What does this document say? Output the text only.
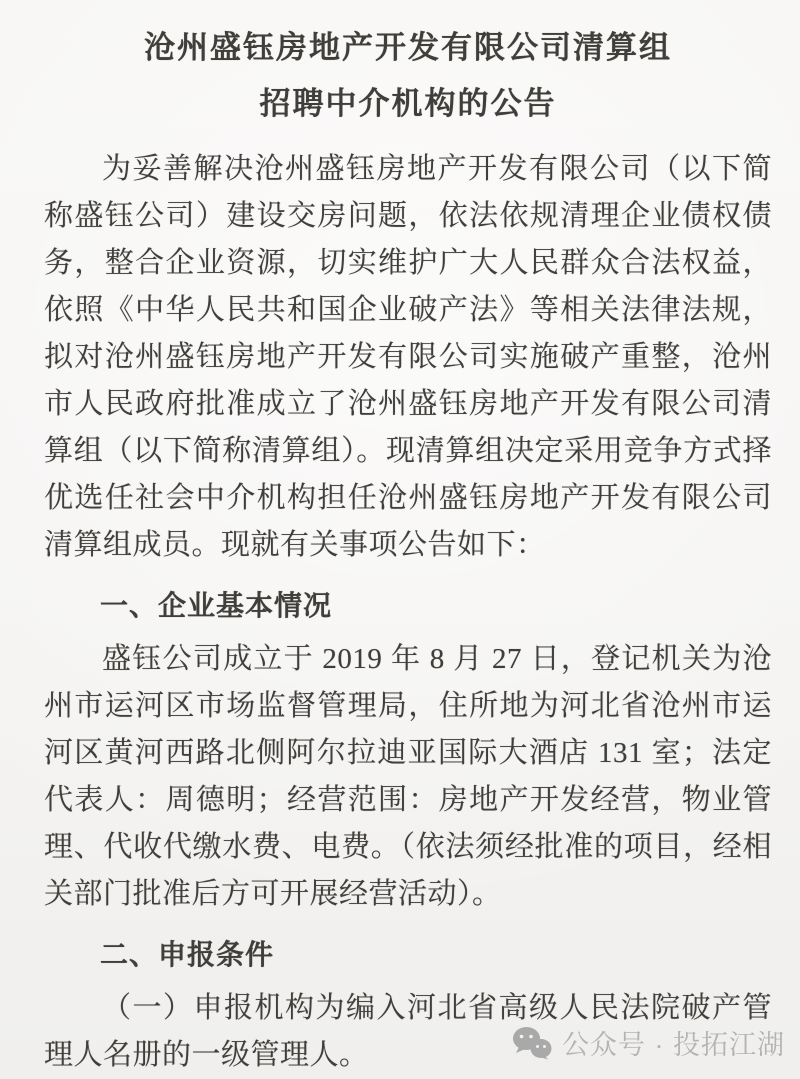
沧州盛钰房地产开发有限公司清算组
招聘中介机构的公告

为妥善解决沧州盛钰房地产开发有限公司（以下简称盛钰公司）建设交房问题，依法依规清理企业债权债务，整合企业资源，切实维护广大人民群众合法权益，依照《中华人民共和国企业破产法》等相关法律法规，拟对沧州盛钰房地产开发有限公司实施破产重整，沧州市人民政府批准成立了沧州盛钰房地产开发有限公司清算组（以下简称清算组）。现清算组决定采用竞争方式择优选任社会中介机构担任沧州盛钰房地产开发有限公司清算组成员。现就有关事项公告如下：

一、企业基本情况

盛钰公司成立于 2019 年 8 月 27 日，登记机关为沧州市运河区市场监督管理局，住所地为河北省沧州市运河区黄河西路北侧阿尔拉迪亚国际大酒店 131 室；法定代表人：周德明；经营范围：房地产开发经营，物业管理、代收代缴水费、电费。（依法须经批准的项目，经相关部门批准后方可开展经营活动）。

二、申报条件

（一）申报机构为编入河北省高级人民法院破产管理人名册的一级管理人。	公众号 · 投拓江湖
